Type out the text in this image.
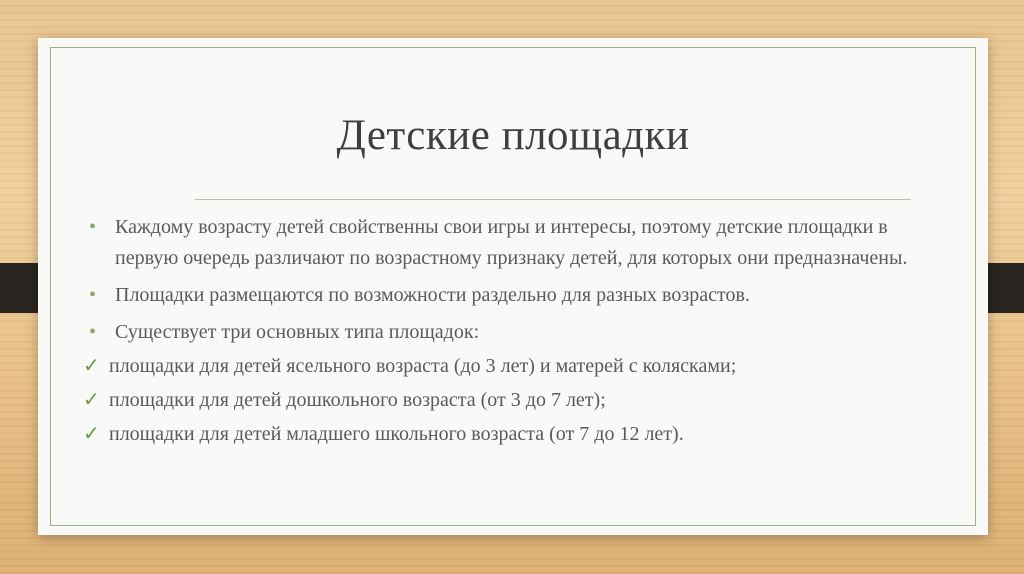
Детские площадки
• Каждому возрасту детей свойственны свои игры и интересы, поэтому детские площадки в первую очередь различают по возрастному признаку детей, для которых они предназначены.
• Площадки размещаются по возможности раздельно для разных возрастов.
• Существует три основных типа площадок:
✓ площадки для детей ясельного возраста (до 3 лет) и матерей с колясками;
✓ площадки для детей дошкольного возраста (от 3 до 7 лет);
✓ площадки для детей младшего школьного возраста (от 7 до 12 лет).
